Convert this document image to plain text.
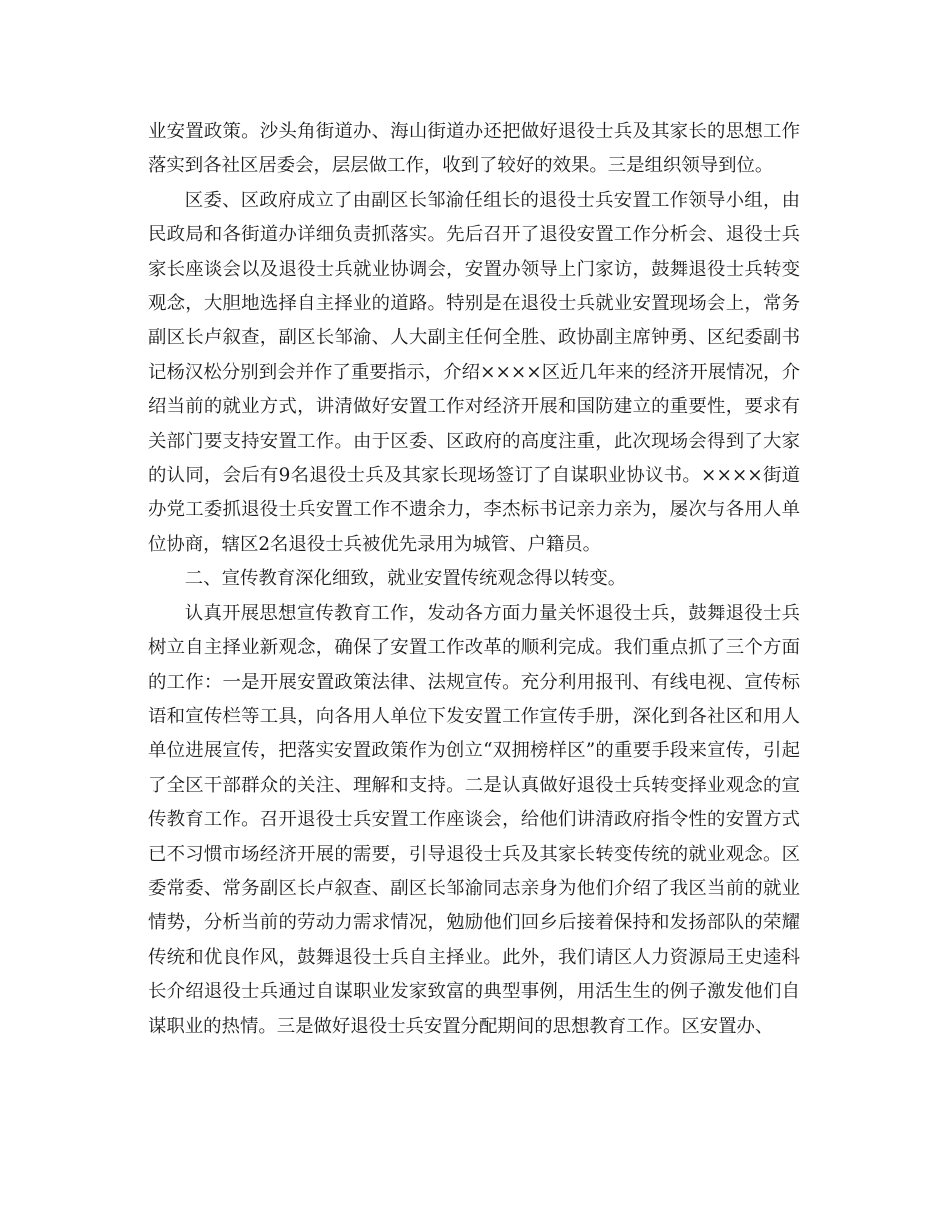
业安置政策。沙头角街道办、海山街道办还把做好退役士兵及其家长的思想工作落实到各社区居委会，层层做工作，收到了较好的效果。三是组织领导到位。

区委、区政府成立了由副区长邹渝任组长的退役士兵安置工作领导小组，由民政局和各街道办详细负责抓落实。先后召开了退役安置工作分析会、退役士兵家长座谈会以及退役士兵就业协调会，安置办领导上门家访，鼓舞退役士兵转变观念，大胆地选择自主择业的道路。特别是在退役士兵就业安置现场会上，常务副区长卢叙查，副区长邹渝、人大副主任何全胜、政协副主席钟勇、区纪委副书记杨汉松分别到会并作了重要指示，介绍××××区近几年来的经济开展情况，介绍当前的就业方式，讲清做好安置工作对经济开展和国防建立的重要性，要求有关部门要支持安置工作。由于区委、区政府的高度注重，此次现场会得到了大家的认同，会后有9名退役士兵及其家长现场签订了自谋职业协议书。××××街道办党工委抓退役士兵安置工作不遗余力，李杰标书记亲力亲为，屡次与各用人单位协商，辖区2名退役士兵被优先录用为城管、户籍员。

二、宣传教育深化细致，就业安置传统观念得以转变。

认真开展思想宣传教育工作，发动各方面力量关怀退役士兵，鼓舞退役士兵树立自主择业新观念，确保了安置工作改革的顺利完成。我们重点抓了三个方面的工作：一是开展安置政策法律、法规宣传。充分利用报刊、有线电视、宣传标语和宣传栏等工具，向各用人单位下发安置工作宣传手册，深化到各社区和用人单位进展宣传，把落实安置政策作为创立“双拥榜样区”的重要手段来宣传，引起了全区干部群众的关注、理解和支持。二是认真做好退役士兵转变择业观念的宣传教育工作。召开退役士兵安置工作座谈会，给他们讲清政府指令性的安置方式已不习惯市场经济开展的需要，引导退役士兵及其家长转变传统的就业观念。区委常委、常务副区长卢叙查、副区长邹渝同志亲身为他们介绍了我区当前的就业情势，分析当前的劳动力需求情况，勉励他们回乡后接着保持和发扬部队的荣耀传统和优良作风，鼓舞退役士兵自主择业。此外，我们请区人力资源局王史逵科长介绍退役士兵通过自谋职业发家致富的典型事例，用活生生的例子激发他们自谋职业的热情。三是做好退役士兵安置分配期间的思想教育工作。区安置办、
